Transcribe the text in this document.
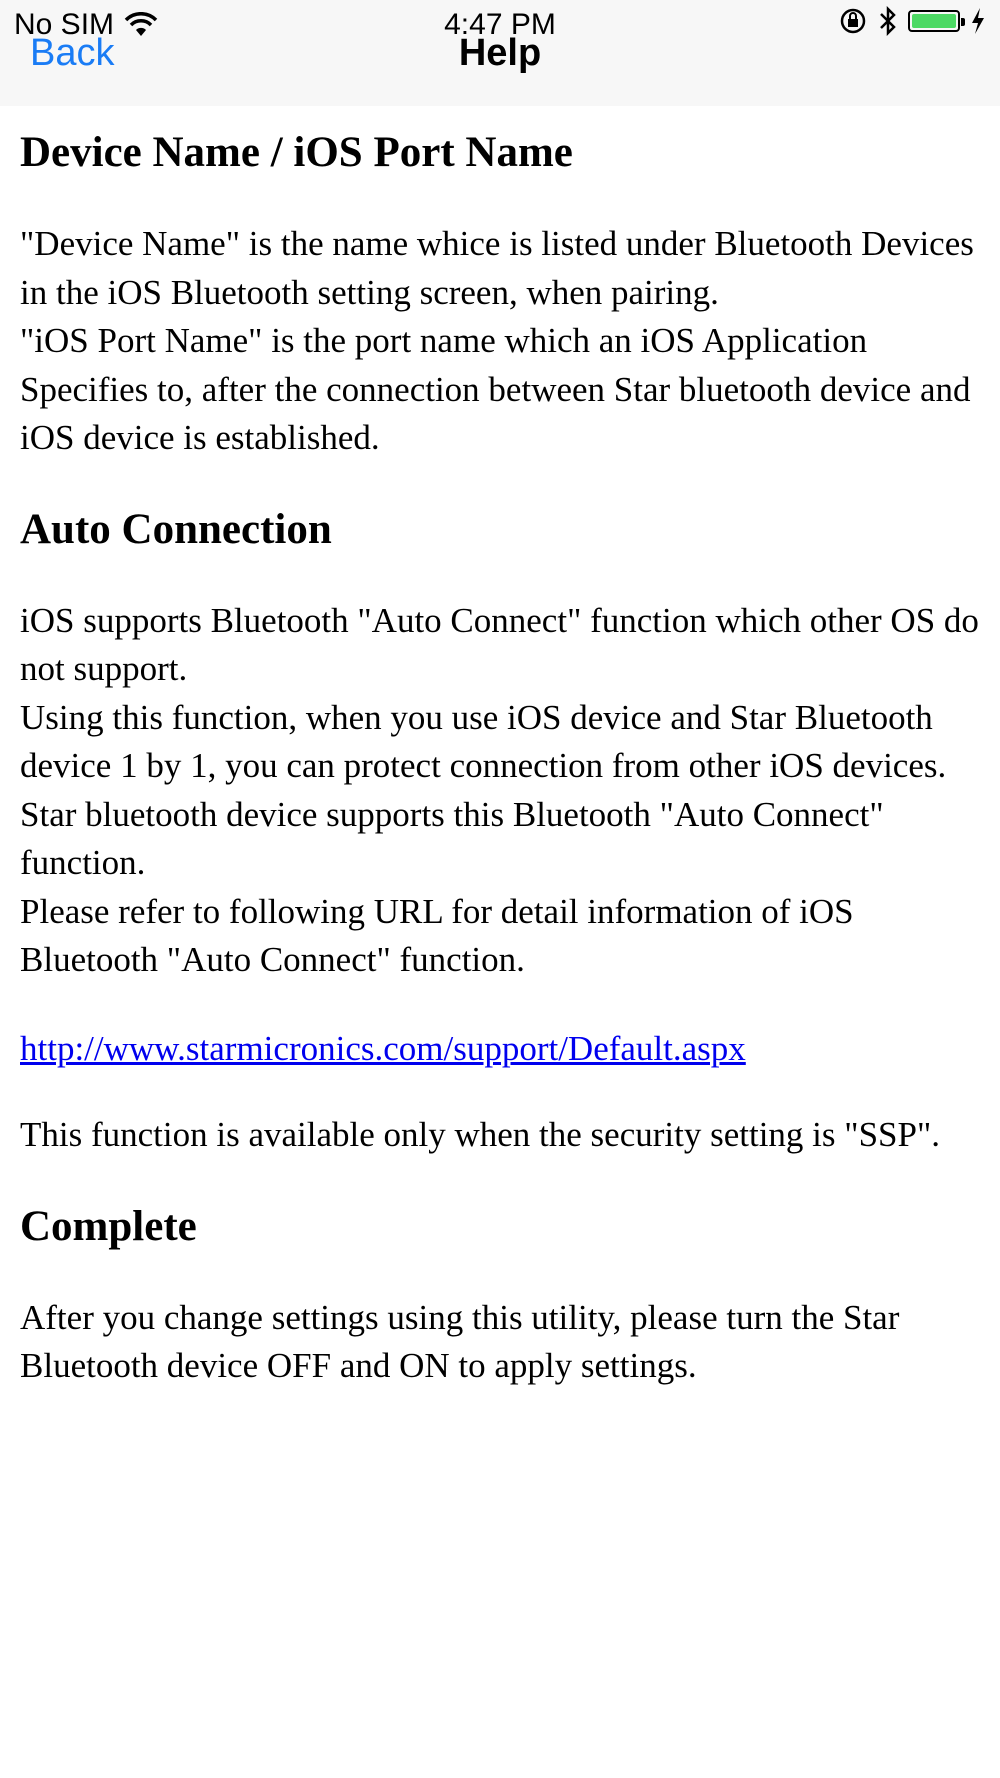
No SIM	4:47 PM
Back	Help
Device Name / iOS Port Name

"Device Name" is the name whice is listed under Bluetooth Devices in the iOS Bluetooth setting screen, when pairing.
"iOS Port Name" is the port name which an iOS Application Specifies to, after the connection between Star bluetooth device and iOS device is established.

Auto Connection

iOS supports Bluetooth "Auto Connect" function which other OS do not support.
Using this function, when you use iOS device and Star Bluetooth device 1 by 1, you can protect connection from other iOS devices.
Star bluetooth device supports this Bluetooth "Auto Connect" function.
Please refer to following URL for detail information of iOS Bluetooth "Auto Connect" function.

http://www.starmicronics.com/support/Default.aspx

This function is available only when the security setting is "SSP".

Complete

After you change settings using this utility, please turn the Star Bluetooth device OFF and ON to apply settings.
